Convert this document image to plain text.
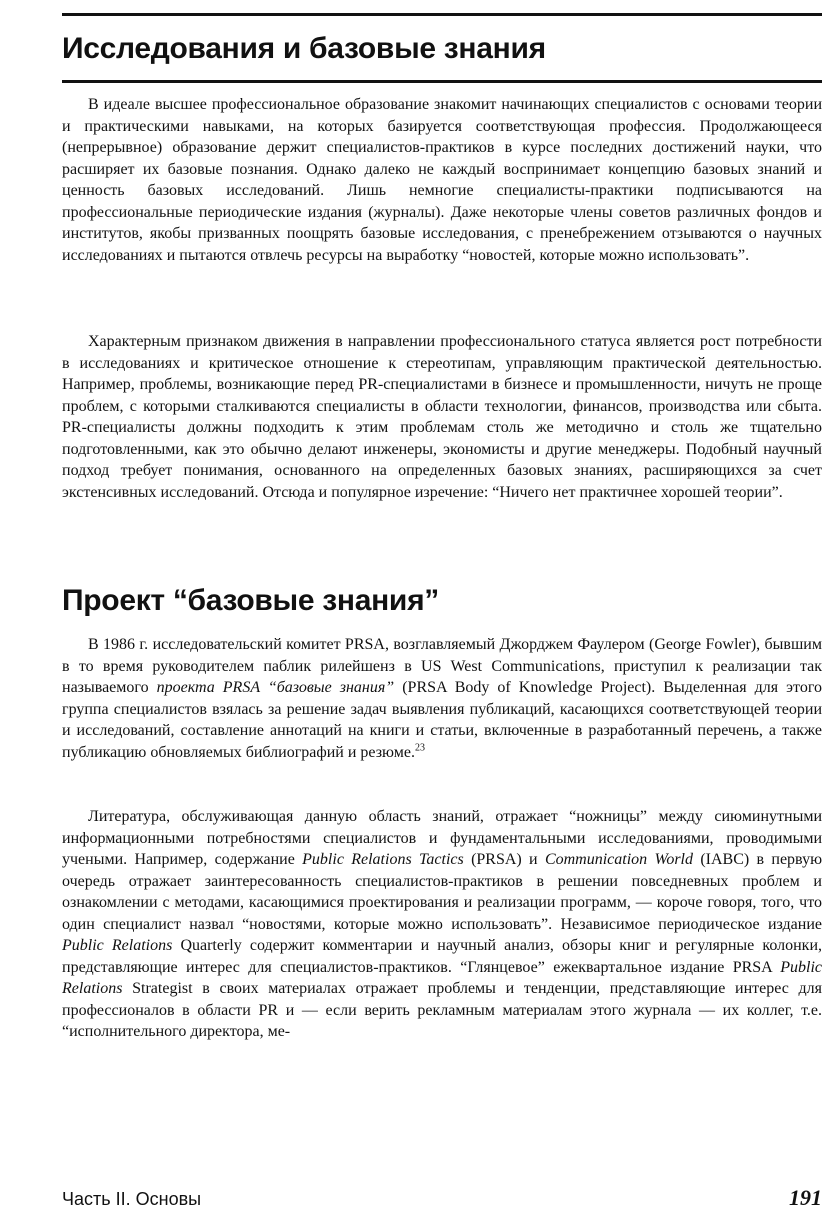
Исследования и базовые знания

В идеале высшее профессиональное образование знакомит начинающих специалистов с основами теории и практическими навыками, на которых базируется соответствующая профессия. Продолжающееся (непрерывное) образование держит специалистов-практиков в курсе последних достижений науки, что расширяет их базовые познания. Однако далеко не каждый воспринимает концепцию базовых знаний и ценность базовых исследований. Лишь немногие специалисты-практики подписываются на профессиональные периодические издания (журналы). Даже некоторые члены советов различных фондов и институтов, якобы призванных поощрять базовые исследования, с пренебрежением отзываются о научных исследованиях и пытаются отвлечь ресурсы на выработку “новостей, которые можно использовать”.

Характерным признаком движения в направлении профессионального статуса является рост потребности в исследованиях и критическое отношение к стереотипам, управляющим практической деятельностью. Например, проблемы, возникающие перед PR-специалистами в бизнесе и промышленности, ничуть не проще проблем, с которыми сталкиваются специалисты в области технологии, финансов, производства или сбыта. PR-специалисты должны подходить к этим проблемам столь же методично и столь же тщательно подготовленными, как это обычно делают инженеры, экономисты и другие менеджеры. Подобный научный подход требует понимания, основанного на определенных базовых знаниях, расширяющихся за счет экстенсивных исследований. Отсюда и популярное изречение: “Ничего нет практичнее хорошей теории”.

Проект “базовые знания”

В 1986 г. исследовательский комитет PRSA, возглавляемый Джорджем Фаулером (George Fowler), бывшим в то время руководителем паблик рилейшенз в US West Communications, приступил к реализации так называемого проекта PRSA “базовые знания” (PRSA Body of Knowledge Project). Выделенная для этого группа специалистов взялась за решение задач выявления публикаций, касающихся соответствующей теории и исследований, составление аннотаций на книги и статьи, включенные в разработанный перечень, а также публикацию обновляемых библиографий и резюме.$^{23}$

Литература, обслуживающая данную область знаний, отражает “ножницы” между сиюминутными информационными потребностями специалистов и фундаментальными исследованиями, проводимыми учеными. Например, содержание Public Relations Tactics (PRSA) и Communication World (IABC) в первую очередь отражает заинтересованность специалистов-практиков в решении повседневных проблем и ознакомлении с методами, касающимися проектирования и реализации программ, — короче говоря, того, что один специалист назвал “новостями, которые можно использовать”. Независимое периодическое издание Public Relations Quarterly содержит комментарии и научный анализ, обзоры книг и регулярные колонки, представляющие интерес для специалистов-практиков. “Глянцевое” ежеквартальное издание PRSA Public Relations Strategist в своих материалах отражает проблемы и тенденции, представляющие интерес для профессионалов в области PR и — если верить рекламным материалам этого журнала — их коллег, т.е. “исполнительного директора, ме-

Часть II. Основы	191
